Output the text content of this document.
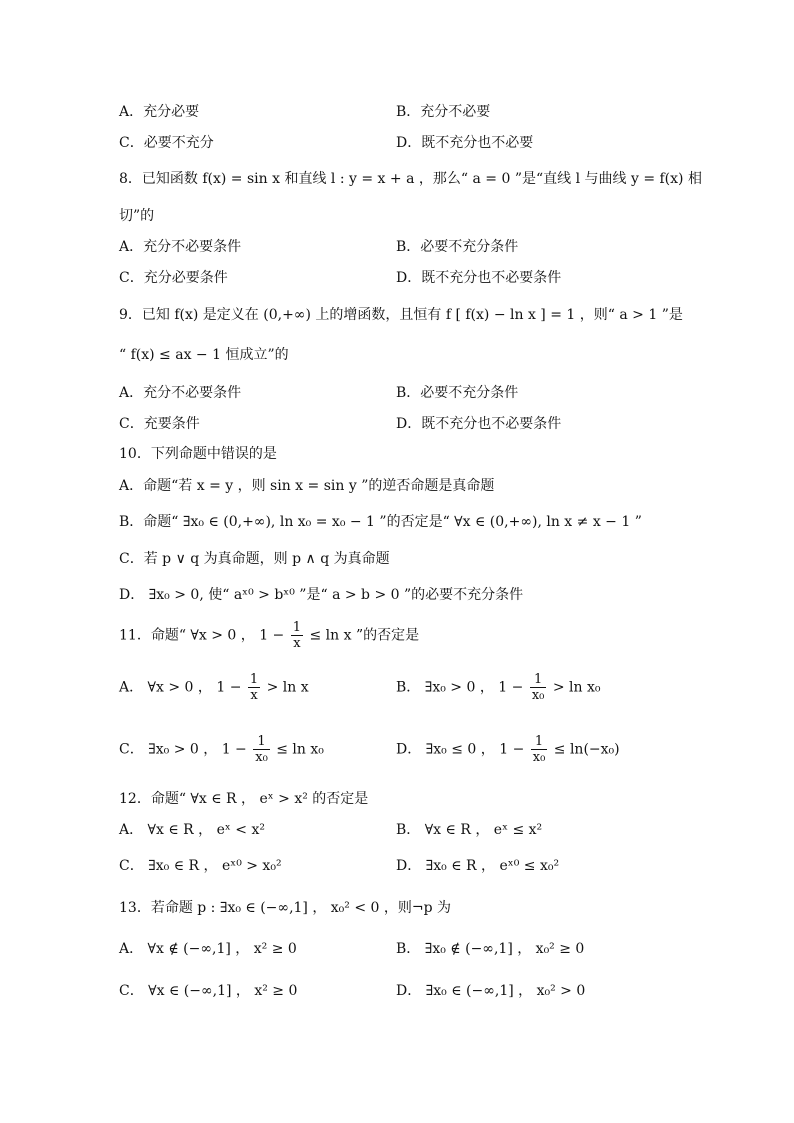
A．充分必要	B．充分不必要
C．必要不充分	D．既不充分也不必要
8．已知函数 f(x) = sin x 和直线 l : y = x + a ，那么“ a = 0 ”是“直线 l 与曲线 y = f(x) 相
切”的
A．充分不必要条件	B．必要不充分条件
C．充分必要条件	D．既不充分也不必要条件
9．已知 f(x) 是定义在 (0,+∞) 上的增函数，且恒有 f [ f(x) − ln x ] = 1 ，则“ a > 1 ”是
“ f(x) ≤ ax − 1 恒成立”的
A．充分不必要条件	B．必要不充分条件
C．充要条件	D．既不充分也不必要条件
10．下列命题中错误的是
A．命题“若 x = y ，则 sin x = sin y ”的逆否命题是真命题
B．命题“ ∃x₀ ∈ (0,+∞), ln x₀ = x₀ − 1 ”的否定是“ ∀x ∈ (0,+∞), ln x ≠ x − 1 ”
C．若 p ∨ q 为真命题，则 p ∧ q 为真命题
D． ∃x₀ > 0, 使“ aˣ⁰ > bˣ⁰ ”是“ a > b > 0 ”的必要不充分条件
11．命题“ ∀x > 0 ， $1 - \frac{1}{x} \le \ln x$ ”的否定是
A． ∀x > 0 ， $1 - \frac{1}{x} > \ln x$	B． ∃x₀ > 0 ， $1 - \frac{1}{\text{x₀}} > \ln x_0$
C． ∃x₀ > 0 ， $1 - \frac{1}{\text{x₀}} \le \ln x_0$	D． ∃x₀ ≤ 0 ， $1 - \frac{1}{\text{x₀}} \le \ln(-x_0)$
12．命题“ ∀x ∈ R ， eˣ > x² 的否定是
A． ∀x ∈ R ， eˣ < x²	B． ∀x ∈ R ， eˣ ≤ x²
C． ∃x₀ ∈ R ， eˣ⁰ > x₀²	D． ∃x₀ ∈ R ， eˣ⁰ ≤ x₀²
13．若命题 p : ∃x₀ ∈ (−∞,1] ， x₀² < 0 ，则¬p 为
A． ∀x ∉ (−∞,1] ， x² ≥ 0	B． ∃x₀ ∉ (−∞,1] ， x₀² ≥ 0
C． ∀x ∈ (−∞,1] ， x² ≥ 0	D． ∃x₀ ∈ (−∞,1] ， x₀² > 0
